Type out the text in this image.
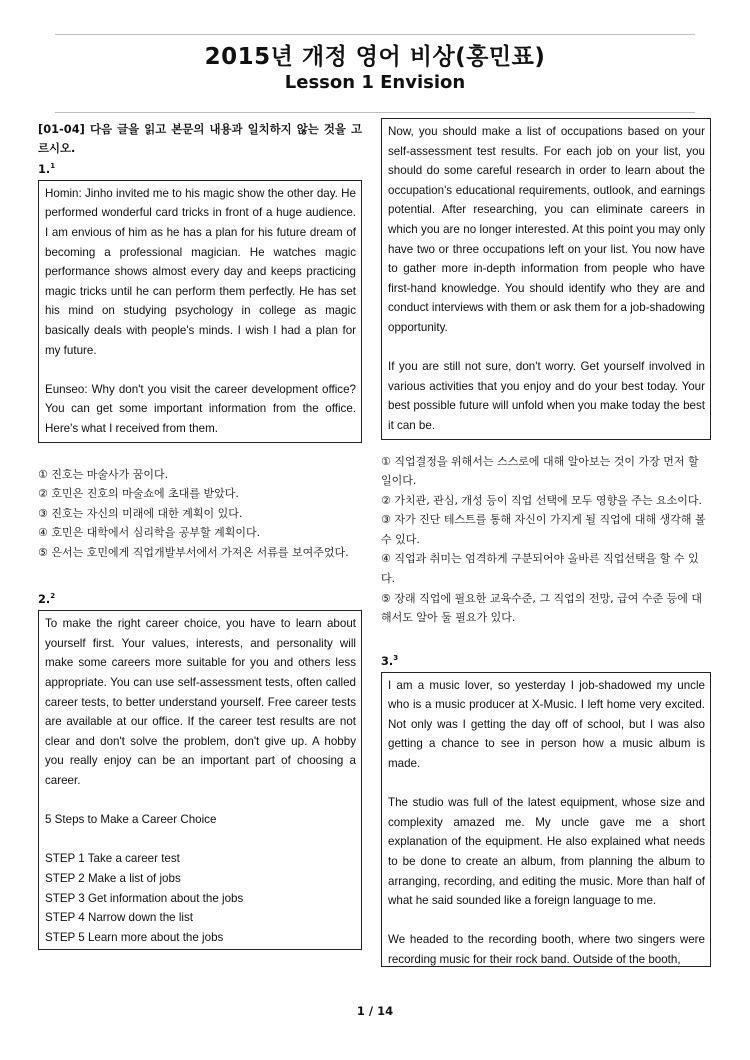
2015년 개정 영어 비상(홍민표)
Lesson 1 Envision

[01-04] 다음 글을 읽고 본문의 내용과 일치하지 않는 것을 고르시오.

1.$^1$

Homin: Jinho invited me to his magic show the other day. He performed wonderful card tricks in front of a huge audience. I am envious of him as he has a plan for his future dream of becoming a professional magician. He watches magic performance shows almost every day and keeps practicing magic tricks until he can perform them perfectly. He has set his mind on studying psychology in college as magic basically deals with people's minds. I wish I had a plan for my future.

Eunseo: Why don't you visit the career development office? You can get some important information from the office. Here's what I received from them.

① 진호는 마술사가 꿈이다.
② 호민은 진호의 마술쇼에 초대를 받았다.
③ 진호는 자신의 미래에 대한 계획이 있다.
④ 호민은 대학에서 심리학을 공부할 계획이다.
⑤ 은서는 호민에게 직업개발부서에서 가져온 서류를 보여주었다.

2.$^2$

To make the right career choice, you have to learn about yourself first. Your values, interests, and personality will make some careers more suitable for you and others less appropriate. You can use self-assessment tests, often called career tests, to better understand yourself. Free career tests are available at our office. If the career test results are not clear and don't solve the problem, don't give up. A hobby you really enjoy can be an important part of choosing a career.

5 Steps to Make a Career Choice

STEP 1 Take a career test

STEP 2 Make a list of jobs

STEP 3 Get information about the jobs

STEP 4 Narrow down the list

STEP 5 Learn more about the jobs

Now, you should make a list of occupations based on your self-assessment test results. For each job on your list, you should do some careful research in order to learn about the occupation's educational requirements, outlook, and earnings potential. After researching, you can eliminate careers in which you are no longer interested. At this point you may only have two or three occupations left on your list. You now have to gather more in-depth information from people who have first-hand knowledge. You should identify who they are and conduct interviews with them or ask them for a job-shadowing opportunity.

If you are still not sure, don't worry. Get yourself involved in various activities that you enjoy and do your best today. Your best possible future will unfold when you make today the best it can be.

① 직업결정을 위해서는 스스로에 대해 알아보는 것이 가장 먼저 할 일이다.
② 가치관, 관심, 개성 등이 직업 선택에 모두 영향을 주는 요소이다.
③ 자가 진단 테스트를 통해 자신이 가지게 될 직업에 대해 생각해 볼 수 있다.
④ 직업과 취미는 엄격하게 구분되어야 올바른 직업선택을 할 수 있다.
⑤ 장래 직업에 필요한 교육수준, 그 직업의 전망, 급여 수준 등에 대해서도 알아 둘 필요가 있다.

3.$^3$

I am a music lover, so yesterday I job-shadowed my uncle who is a music producer at X-Music. I left home very excited. Not only was I getting the day off of school, but I was also getting a chance to see in person how a music album is made.

The studio was full of the latest equipment, whose size and complexity amazed me. My uncle gave me a short explanation of the equipment. He also explained what needs to be done to create an album, from planning the album to arranging, recording, and editing the music. More than half of what he said sounded like a foreign language to me.

We headed to the recording booth, where two singers were recording music for their rock band. Outside of the booth,

1 / 14
